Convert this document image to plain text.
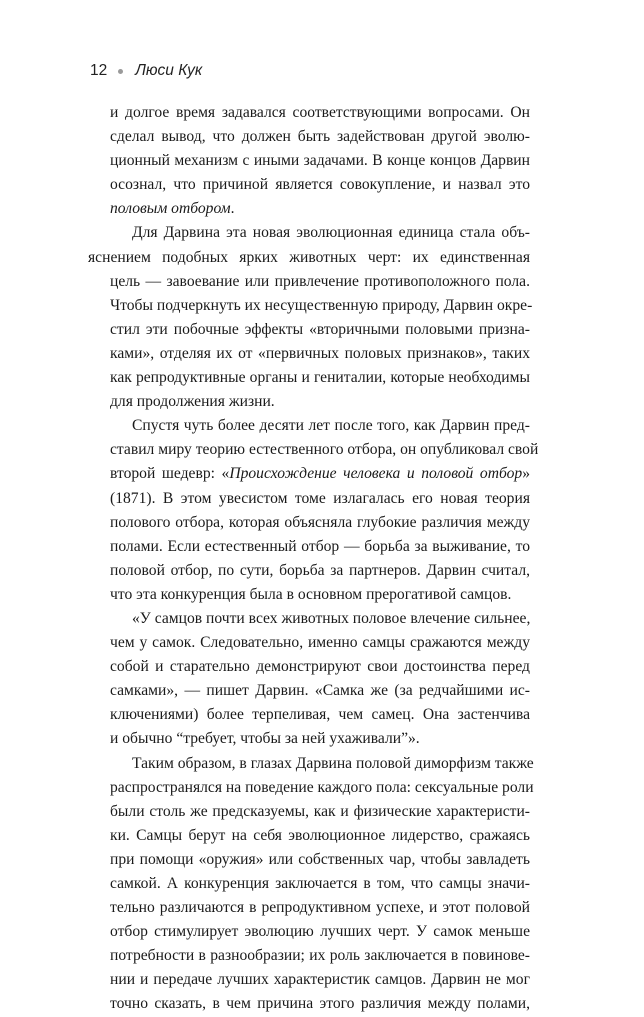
12 Люси Кук

и долгое время задавался соответствующими вопросами. Он
сделал вывод, что должен быть задействован другой эволю-
ционный механизм с иными задачами. В конце концов Дарвин
осознал, что причиной является совокупление, и назвал это
половым отбором.

Для Дарвина эта новая эволюционная единица стала объ-
яснением подобных ярких животных черт: их единственная
цель — завоевание или привлечение противоположного пола.
Чтобы подчеркнуть их несущественную природу, Дарвин окре-
стил эти побочные эффекты «вторичными половыми призна-
ками», отделяя их от «первичных половых признаков», таких
как репродуктивные органы и гениталии, которые необходимы
для продолжения жизни.

Спустя чуть более десяти лет после того, как Дарвин пред-
ставил миру теорию естественного отбора, он опубликовал свой
второй шедевр: «Происхождение человека и половой отбор»
(1871). В этом увесистом томе излагалась его новая теория
полового отбора, которая объясняла глубокие различия между
полами. Если естественный отбор — борьба за выживание, то
половой отбор, по сути, борьба за партнеров. Дарвин считал,
что эта конкуренция была в основном прерогативой самцов.

«У самцов почти всех животных половое влечение сильнее,
чем у самок. Следовательно, именно самцы сражаются между
собой и старательно демонстрируют свои достоинства перед
самками», — пишет Дарвин. «Самка же (за редчайшими ис-
ключениями) более терпеливая, чем самец. Она застенчива
и обычно “требует, чтобы за ней ухаживали”».

Таким образом, в глазах Дарвина половой диморфизм также
распространялся на поведение каждого пола: сексуальные роли
были столь же предсказуемы, как и физические характеристи-
ки. Самцы берут на себя эволюционное лидерство, сражаясь
при помощи «оружия» или собственных чар, чтобы завладеть
самкой. А конкуренция заключается в том, что самцы значи-
тельно различаются в репродуктивном успехе, и этот половой
отбор стимулирует эволюцию лучших черт. У самок меньше
потребности в разнообразии; их роль заключается в повинове-
нии и передаче лучших характеристик самцов. Дарвин не мог
точно сказать, в чем причина этого различия между полами,
